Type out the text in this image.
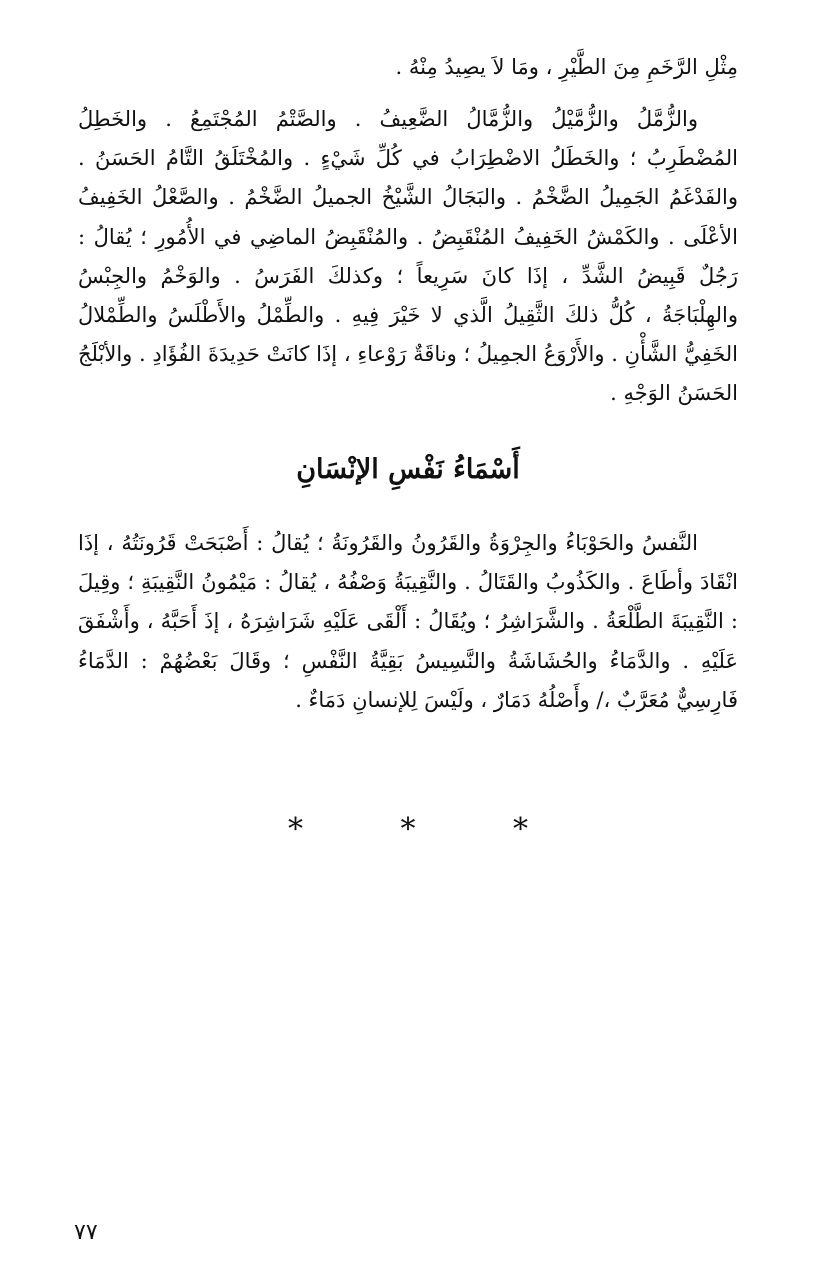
مِثْلِ الرَّخَمِ مِنَ الطَّيْرِ ، ومَا لاَ يصِيدُ مِنْهُ .

والزُّمَّلُ والزُّمَّيْلُ والزُّمَّالُ الضَّعِيفُ . والصَّتْمُ المُجْتَمِعُ . والخَطِلُ المُضْطَرِبُ ؛ والخَطَلُ الاضْطِرَابُ في كُلِّ شَيْءٍ . والمُخْتَلَقُ التَّامُ الحَسَنُ . والفَدْغَمُ الجَمِيلُ الضَّخْمُ . والبَجَالُ الشَّيْخُ الجميلُ الضَّخْمُ . والصَّعْلُ الخَفِيفُ الأعْلَى . والكَمْشُ الخَفِيفُ المُنْقَبِضُ . والمُنْقَبِضُ الماضِي في الأُمُورِ ؛ يُقالُ : رَجُلٌ قَبِيضُ الشَّدِّ ، إذَا كانَ سَرِيعاً ؛ وكذلكَ الفَرَسُ . والوَخْمُ والجِبْسُ والهِلْبَاجَةُ ، كُلُّ ذلكَ الثَّقِيلُ الَّذي لا خَيْرَ فِيهِ . والطِّمْلُ والأَطْلَسُ والطِّمْلالُ الخَفِيُّ الشَّأْنِ . والأَرْوَعُ الجمِيلُ ؛ وناقَةٌ رَوْعاءِ ، إذَا كانَتْ حَدِيدَةَ الفُؤَادِ . والأبْلَجُ الحَسَنُ الوَجْهِ .

أَسْمَاءُ نَفْسِ الإنْسَانِ

النَّفسُ والحَوْبَاءُ والجِرْوَةُ والقَرُونُ والقَرُونَةُ ؛ يُقالُ : أَصْبَحَتْ قَرُونَتُهُ ، إذَا انْقَادَ وأطَاعَ . والكَذُوبُ والقَتَالُ . والنَّقِيبَةُ وَصْفُهُ ، يُقالُ : مَيْمُونُ النَّقِيبَةِ ؛ وقِيلَ : النَّقِيبَةَ الطَّلْعَةُ . والشَّرَاشِرُ ؛ ويُقَالُ : أَلْقَى عَلَيْهِ شَرَاشِرَهُ ، إذَ أَحَبَّهُ ، وأَشْفَقَ عَلَيْهِ . والدَّمَاءُ والحُشَاشَةُ والنَّسِيسُ بَقِيَّةُ النَّفْسِ ؛ وقَالَ بَعْضُهُمْ : الدَّمَاءُ فَارِسِيٌّ مُعَرَّبٌ ،/ وأَصْلُهُ دَمَارٌ ، ولَيْسَ لِلإنسانِ دَمَاءٌ .

* * *
٧٧
